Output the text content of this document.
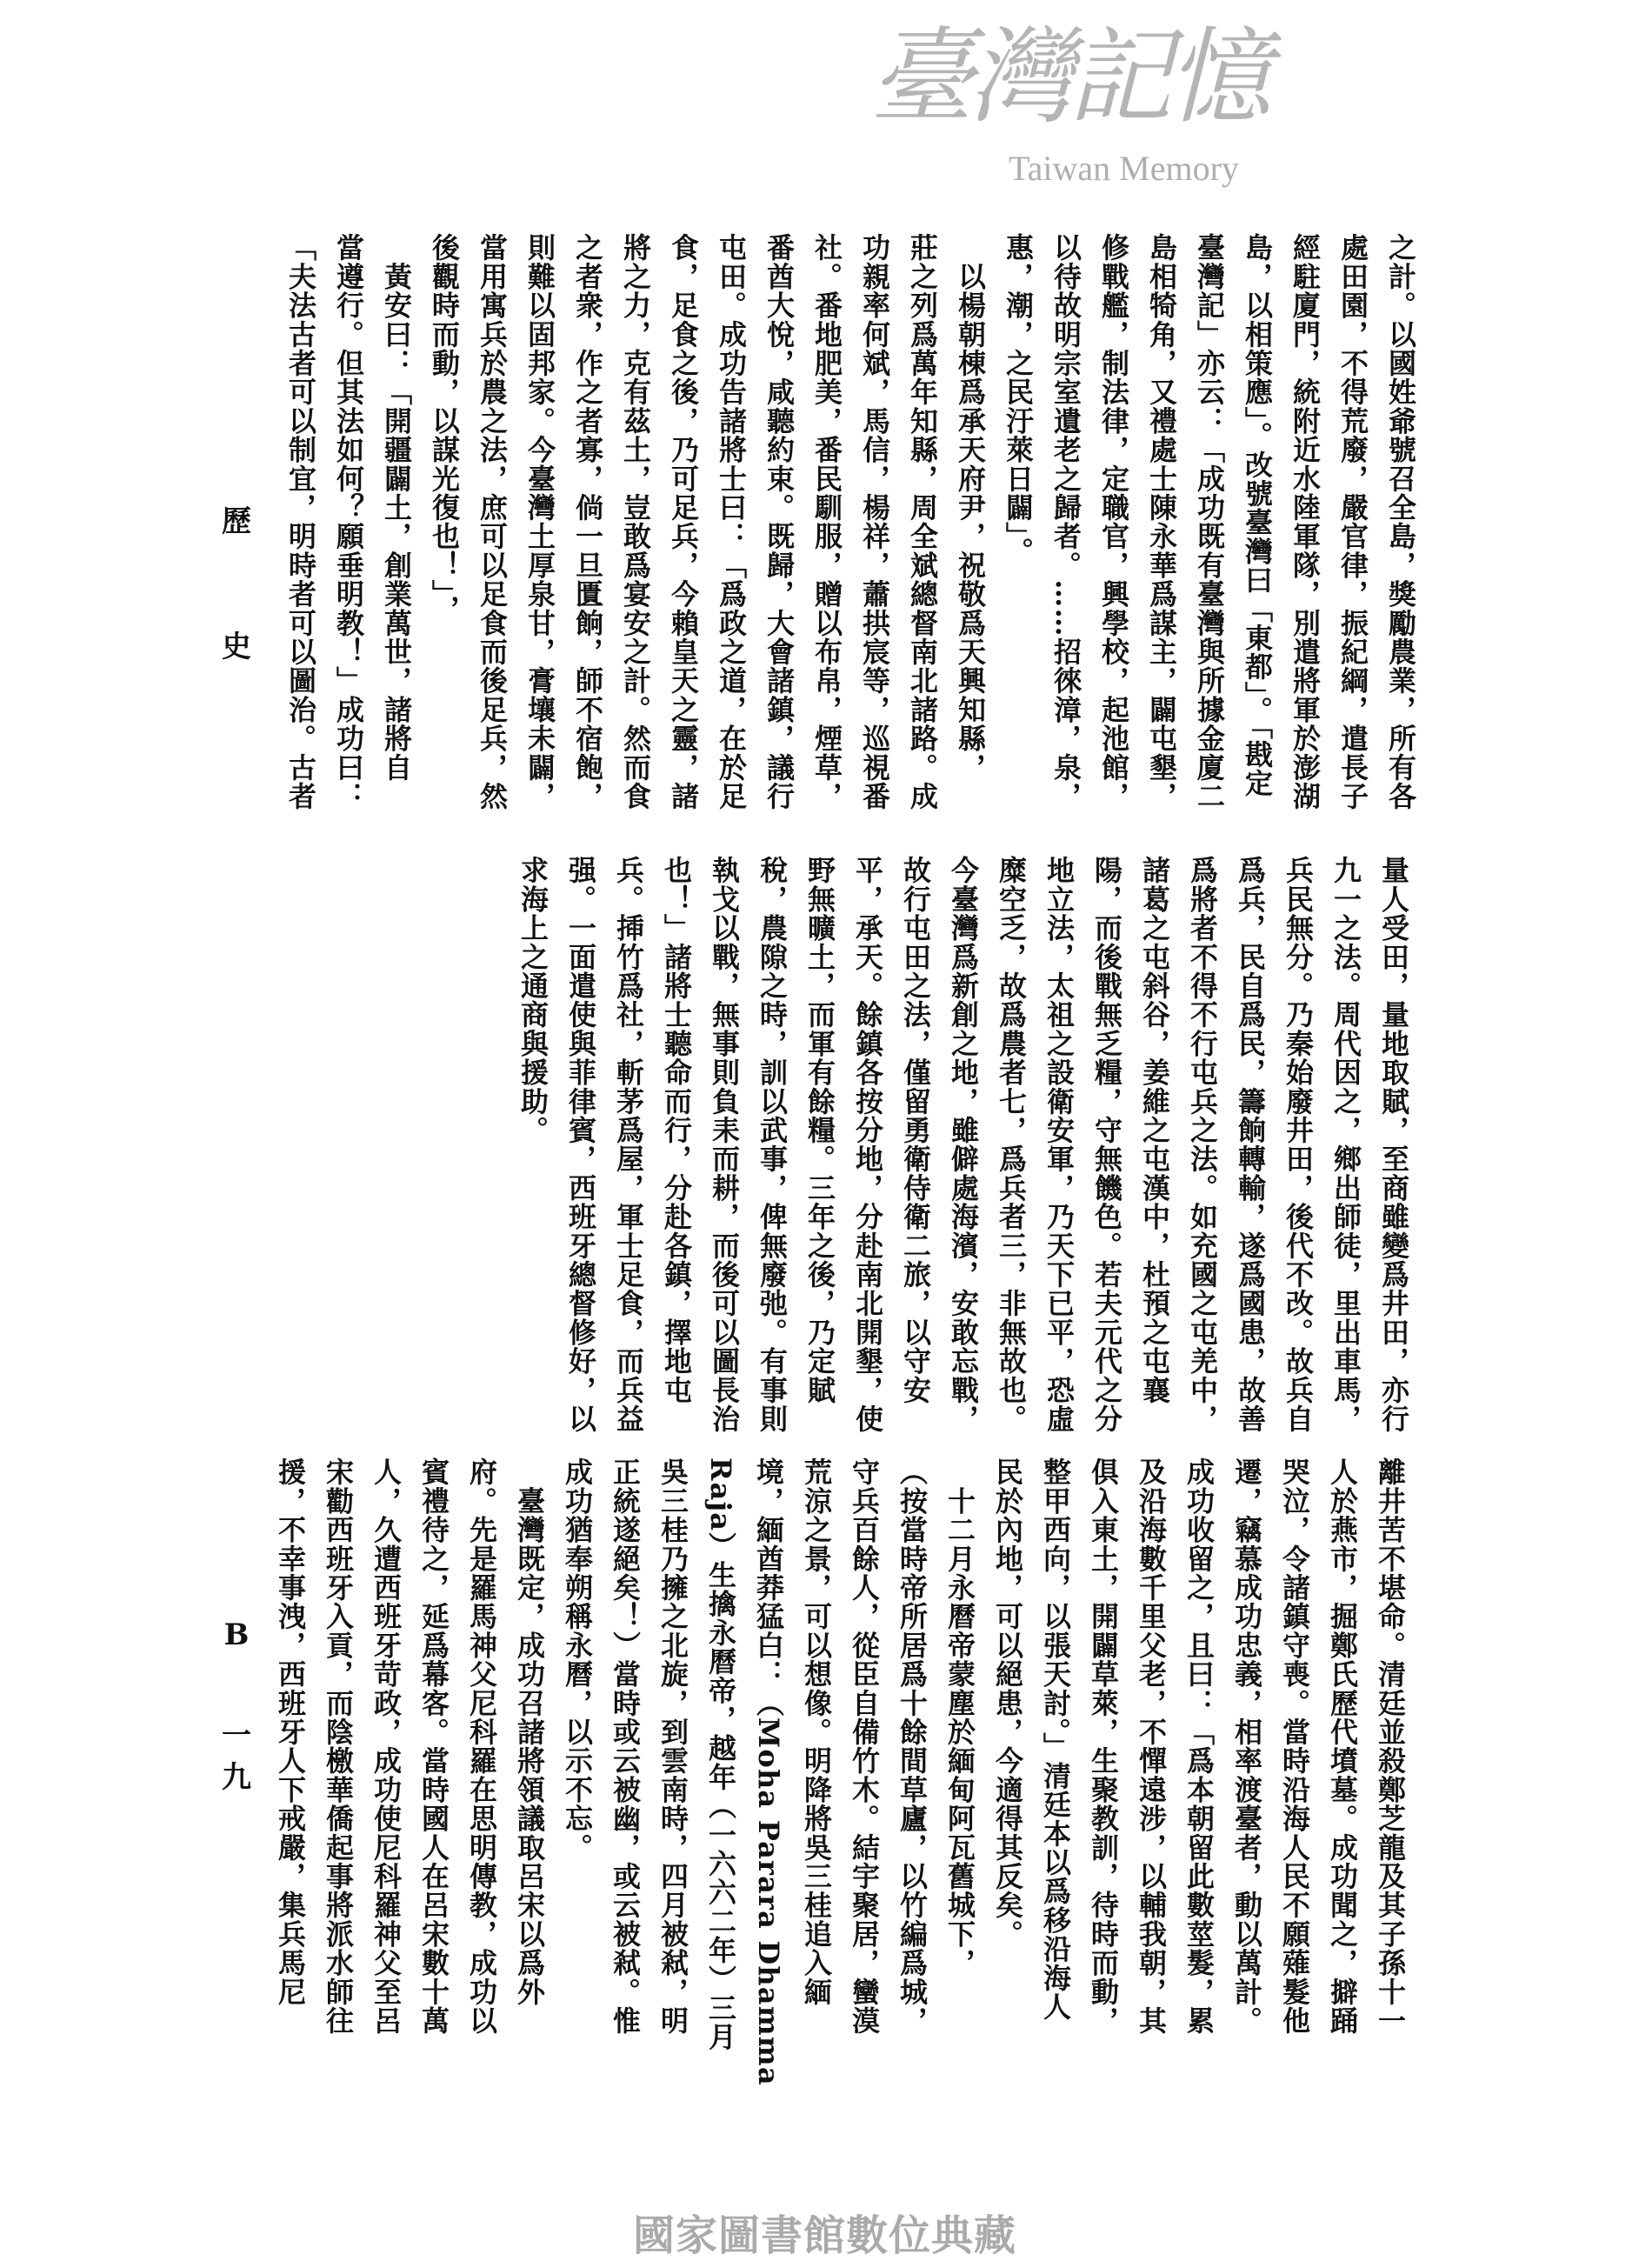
之計。以國姓爺號召全島，獎勵農業，所有各
處田園，不得荒廢，嚴官律，振紀綱，遣長子
經駐廈門，統附近水陸軍隊，別遣將軍於澎湖
島，以相策應」。改號臺灣曰「東都」。「戡定
臺灣記」亦云：「成功既有臺灣與所據金廈二
島相犄角，又禮處士陳永華爲謀主，闢屯墾，
修戰艦，制法律，定職官，興學校，起池館，
以待故明宗室遺老之歸者。……招徠漳，泉，
惠，潮，之民汙萊日闢」。
　以楊朝棟爲承天府尹，祝敬爲天興知縣，
莊之列爲萬年知縣，周全斌總督南北諸路。成
功親率何斌，馬信，楊祥，蕭拱宸等，巡視番
社。番地肥美，番民馴服，贈以布帛，煙草，
番酋大悅，咸聽約束。既歸，大會諸鎮，議行
屯田。成功告諸將士曰：「爲政之道，在於足
食，足食之後，乃可足兵，今賴皇天之靈，諸
將之力，克有茲土，豈敢爲宴安之計。然而食
之者衆，作之者寡，倘一旦匱餉，師不宿飽，
則難以固邦家。今臺灣土厚泉甘，膏壤未闢，
當用寓兵於農之法，庶可以足食而後足兵，然
後觀時而動，以謀光復也！」，
　黃安曰：「開疆闢土，創業萬世，諸將自
當遵行。但其法如何？願垂明教！」成功曰：
「夫法古者可以制宜，明時者可以圖治。古者
量人受田，量地取賦，至商雖變爲井田，亦行
九一之法。周代因之，鄉出師徒，里出車馬，
兵民無分。乃秦始廢井田，後代不改。故兵自
爲兵，民自爲民，籌餉轉輸，遂爲國患，故善
爲將者不得不行屯兵之法。如充國之屯羌中，
諸葛之屯斜谷，姜維之屯漢中，杜預之屯襄
陽，而後戰無乏糧，守無饑色。若夫元代之分
地立法，太祖之設衛安軍，乃天下已平，恐虛
糜空乏，故爲農者七，爲兵者三，非無故也。
今臺灣爲新創之地，雖僻處海濱，安敢忘戰，
故行屯田之法，僅留勇衛侍衛二旅，以守安
平，承天。餘鎮各按分地，分赴南北開墾，使
野無曠土，而軍有餘糧。三年之後，乃定賦
稅，農隙之時，訓以武事，俾無廢弛。有事則
執戈以戰，無事則負耒而耕，而後可以圖長治
也！」諸將士聽命而行，分赴各鎮，擇地屯
兵。揷竹爲社，斬茅爲屋，軍士足食，而兵益
强。一面遣使與菲律賓，西班牙總督修好，以
求海上之通商與援助。
離井苦不堪命。清廷並殺鄭芝龍及其子孫十一
人於燕市，掘鄭氏歷代墳墓。成功聞之，擗踊
哭泣，令諸鎮守喪。當時沿海人民不願薙髮他
遷，竊慕成功忠義，相率渡臺者，動以萬計。
成功收留之，且曰：「爲本朝留此數莖髮，累
及沿海數千里父老，不憚遠涉，以輔我朝，其
俱入東土，開闢草萊，生聚教訓，待時而動，
整甲西向，以張天討。」清廷本以爲移沿海人
民於內地，可以絕患，今適得其反矣。
　十二月永曆帝蒙塵於緬甸阿瓦舊城下，
（按當時帝所居爲十餘間草廬，以竹編爲城，
守兵百餘人，從臣自備竹木。結宇聚居，蠻漠
荒涼之景，可以想像。明降將吳三桂追入緬
境，緬酋莽猛白：（Moha Parara Dhamma
Raja）生擒永曆帝，越年（一六六二年）三月
吳三桂乃擁之北旋，到雲南時，四月被弒，明
正統遂絕矣！）當時或云被幽，或云被弒。惟
成功猶奉朔稱永曆，以示不忘。
　臺灣既定，成功召諸將領議取呂宋以爲外
府。先是羅馬神父尼科羅在思明傳教，成功以
賓禮待之，延爲幕客。當時國人在呂宋數十萬
人，久遭西班牙苛政，成功使尼科羅神父至呂
宋勸西班牙入貢，而陰檄華僑起事將派水師往
援，不幸事洩，西班牙人下戒嚴，集兵馬尼
歷
史
B
一
九
臺灣記憶
Taiwan Memory
國家圖書館數位典藏
